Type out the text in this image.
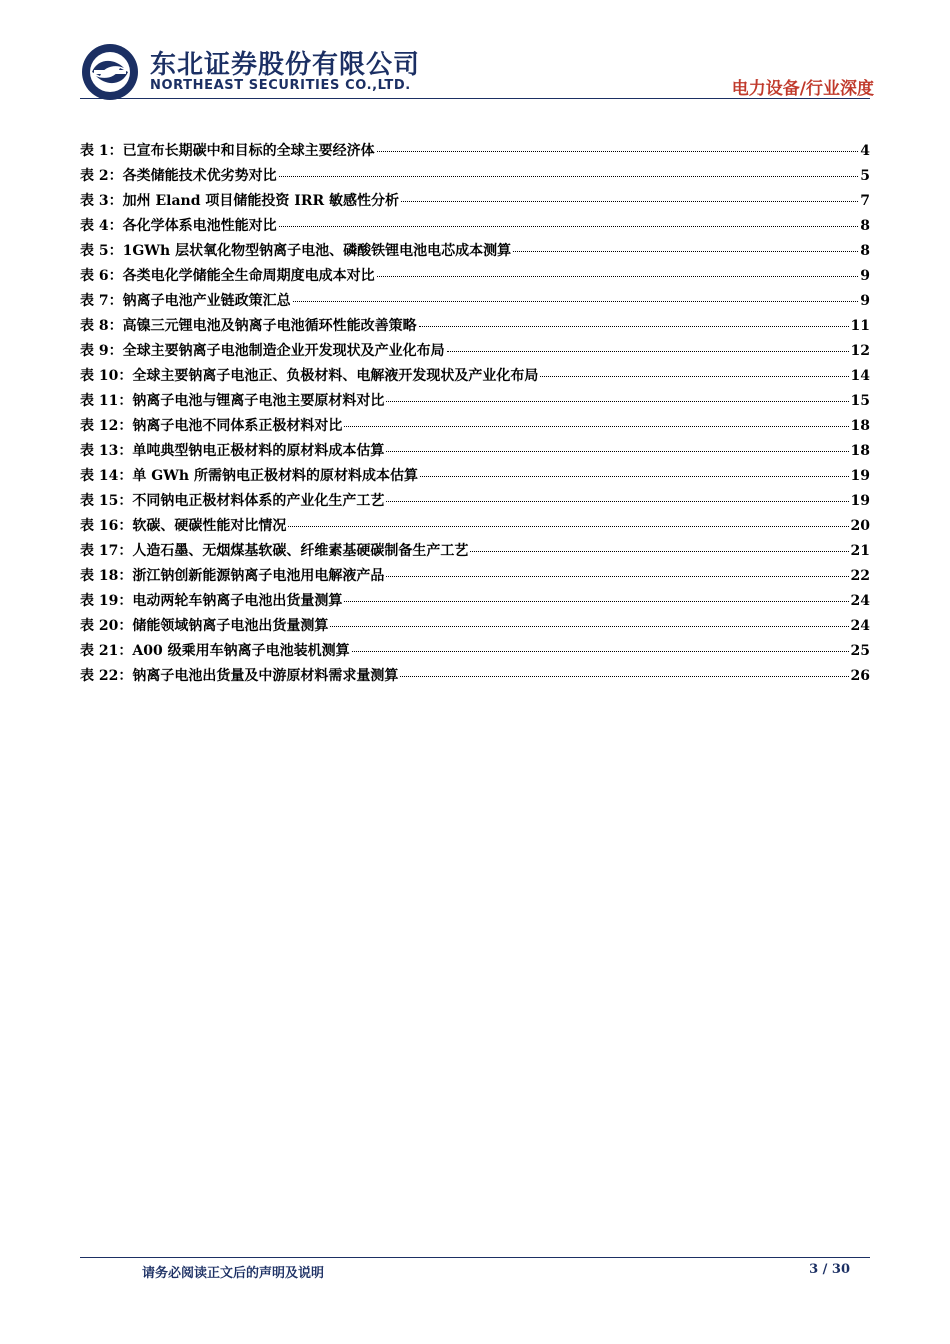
东北证券股份有限公司
NORTHEAST SECURITIES CO.,LTD.	电力设备/行业深度
表 1：已宣布长期碳中和目标的全球主要经济体	4
表 2：各类储能技术优劣势对比	5
表 3：加州 Eland 项目储能投资 IRR 敏感性分析	7
表 4：各化学体系电池性能对比	8
表 5：1GWh 层状氧化物型钠离子电池、磷酸铁锂电池电芯成本测算	8
表 6：各类电化学储能全生命周期度电成本对比	9
表 7：钠离子电池产业链政策汇总	9
表 8：高镍三元锂电池及钠离子电池循环性能改善策略	11
表 9：全球主要钠离子电池制造企业开发现状及产业化布局	12
表 10：全球主要钠离子电池正、负极材料、电解液开发现状及产业化布局	14
表 11：钠离子电池与锂离子电池主要原材料对比	15
表 12：钠离子电池不同体系正极材料对比	18
表 13：单吨典型钠电正极材料的原材料成本估算	18
表 14：单 GWh 所需钠电正极材料的原材料成本估算	19
表 15：不同钠电正极材料体系的产业化生产工艺	19
表 16：软碳、硬碳性能对比情况	20
表 17：人造石墨、无烟煤基软碳、纤维素基硬碳制备生产工艺	21
表 18：浙江钠创新能源钠离子电池用电解液产品	22
表 19：电动两轮车钠离子电池出货量测算	24
表 20：储能领域钠离子电池出货量测算	24
表 21：A00 级乘用车钠离子电池装机测算	25
表 22：钠离子电池出货量及中游原材料需求量测算	26
请务必阅读正文后的声明及说明	3 / 30
